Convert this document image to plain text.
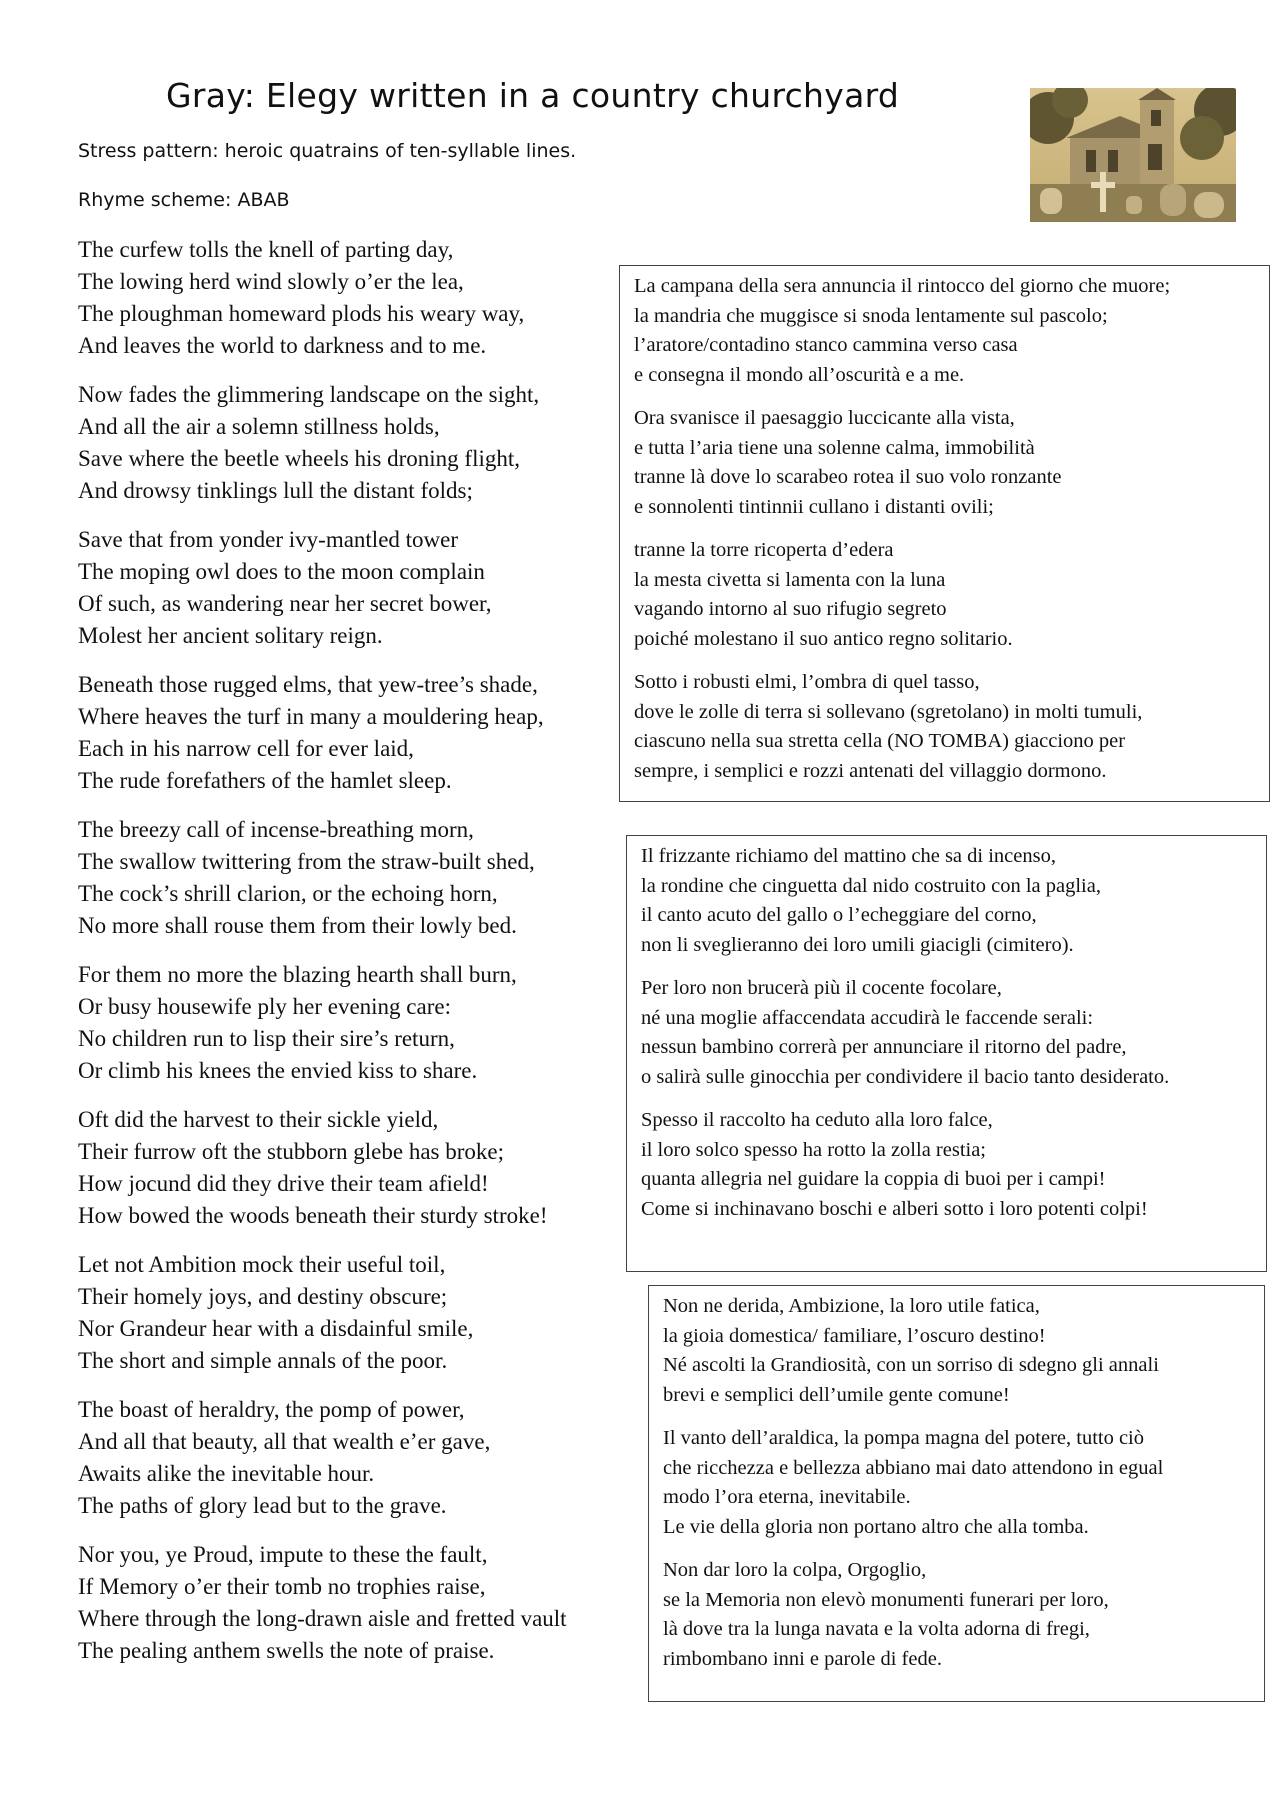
Gray: Elegy written in a country churchyard

Stress pattern: heroic quatrains of ten-syllable lines.

Rhyme scheme: ABAB

The curfew tolls the knell of parting day,
The lowing herd wind slowly o’er the lea,
The ploughman homeward plods his weary way,
And leaves the world to darkness and to me.
Now fades the glimmering landscape on the sight,
And all the air a solemn stillness holds,
Save where the beetle wheels his droning flight,
And drowsy tinklings lull the distant folds;
Save that from yonder ivy-mantled tower
The moping owl does to the moon complain
Of such, as wandering near her secret bower,
Molest her ancient solitary reign.
Beneath those rugged elms, that yew-tree’s shade,
Where heaves the turf in many a mouldering heap,
Each in his narrow cell for ever laid,
The rude forefathers of the hamlet sleep.
The breezy call of incense-breathing morn,
The swallow twittering from the straw-built shed,
The cock’s shrill clarion, or the echoing horn,
No more shall rouse them from their lowly bed.
For them no more the blazing hearth shall burn,
Or busy housewife ply her evening care:
No children run to lisp their sire’s return,
Or climb his knees the envied kiss to share.
Oft did the harvest to their sickle yield,
Their furrow oft the stubborn glebe has broke;
How jocund did they drive their team afield!
How bowed the woods beneath their sturdy stroke!
Let not Ambition mock their useful toil,
Their homely joys, and destiny obscure;
Nor Grandeur hear with a disdainful smile,
The short and simple annals of the poor.
The boast of heraldry, the pomp of power,
And all that beauty, all that wealth e’er gave,
Awaits alike the inevitable hour.
The paths of glory lead but to the grave.
Nor you, ye Proud, impute to these the fault,
If Memory o’er their tomb no trophies raise,
Where through the long-drawn aisle and fretted vault
The pealing anthem swells the note of praise.
La campana della sera annuncia il rintocco del giorno che muore;
la mandria che muggisce si snoda lentamente sul pascolo;
l’aratore/contadino stanco cammina verso casa
e consegna il mondo all’oscurità e a me.
Ora svanisce il paesaggio luccicante alla vista,
e tutta l’aria tiene una solenne calma, immobilità
tranne là dove lo scarabeo rotea il suo volo ronzante
e sonnolenti tintinnii cullano i distanti ovili;
tranne la torre ricoperta d’edera
la mesta civetta si lamenta con la luna
vagando intorno al suo rifugio segreto
poiché molestano il suo antico regno solitario.
Sotto i robusti elmi, l’ombra di quel tasso,
dove le zolle di terra si sollevano (sgretolano) in molti tumuli,
ciascuno nella sua stretta cella (NO TOMBA) giacciono per
sempre, i semplici e rozzi antenati del villaggio dormono.
Il frizzante richiamo del mattino che sa di incenso,
la rondine che cinguetta dal nido costruito con la paglia,
il canto acuto del gallo o l’echeggiare del corno,
non li sveglieranno dei loro umili giacigli (cimitero).
Per loro non brucerà più il cocente focolare,
né una moglie affaccendata accudirà le faccende serali:
nessun bambino correrà per annunciare il ritorno del padre,
o salirà sulle ginocchia per condividere il bacio tanto desiderato.
Spesso il raccolto ha ceduto alla loro falce,
il loro solco spesso ha rotto la zolla restia;
quanta allegria nel guidare la coppia di buoi per i campi!
Come si inchinavano boschi e alberi sotto i loro potenti colpi!
Non ne derida, Ambizione, la loro utile fatica,
la gioia domestica/ familiare, l’oscuro destino!
Né ascolti la Grandiosità, con un sorriso di sdegno gli annali
brevi e semplici dell’umile gente comune!
Il vanto dell’araldica, la pompa magna del potere, tutto ciò
che ricchezza e bellezza abbiano mai dato attendono in egual
modo l’ora eterna, inevitabile.
Le vie della gloria non portano altro che alla tomba.
Non dar loro la colpa, Orgoglio,
se la Memoria non elevò monumenti funerari per loro,
là dove tra la lunga navata e la volta adorna di fregi,
rimbombano inni e parole di fede.
